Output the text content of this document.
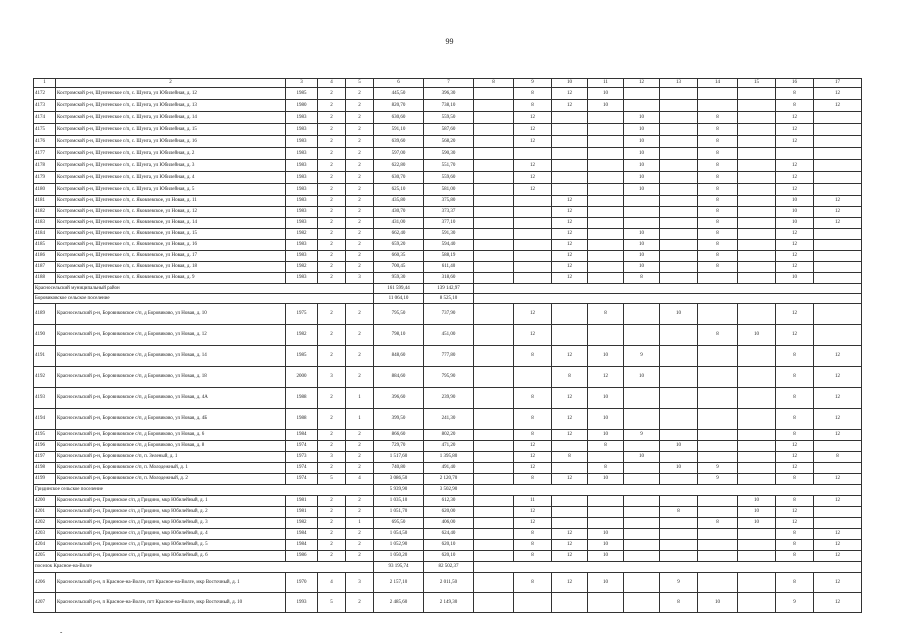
99
1	2	3	4	5	6	7	8	9	10	11	12	13	14	15	16	17
4172	Костромской р-н, Шунгенское с/п, с. Шунга, ул Юбилейная, д. 12	1985	2	2	445,50	396,30		8	12	10					8	12
4173	Костромской р-н, Шунгенское с/п, с. Шунга, ул Юбилейная, д. 13	1980	2	2	820,70	738,10		8	12	10					8	12
4174	Костромской р-н, Шунгенское с/п, с. Шунга, ул Юбилейная, д. 14	1983	2	2	630,60	559,50		12			10		8		12	
4175	Костромской р-н, Шунгенское с/п, с. Шунга, ул Юбилейная, д. 15	1983	2	2	591,10	587,60		12			10		8		12	
4176	Костромской р-н, Шунгенское с/п, с. Шунга, ул Юбилейная, д. 16	1983	2	2	639,60	568,20		12			10		8		12	
4177	Костромской р-н, Шунгенское с/п, с. Шунга, ул Юбилейная, д. 2	1983	2	2	597,00	590,30					10		8			
4178	Костромской р-н, Шунгенское с/п, с. Шунга, ул Юбилейная, д. 3	1983	2	2	622,80	551,70		12			10		8		12	
4179	Костромской р-н, Шунгенское с/п, с. Шунга, ул Юбилейная, д. 4	1983	2	2	630,70	559,60		12			10		8		12	
4180	Костромской р-н, Шунгенское с/п, с. Шунга, ул Юбилейная, д. 5	1983	2	2	625,10	581,00		12			10		8		12	
4181	Костромской р-н, Шунгенское с/п, с. Яковлевское, ул Новая, д. 11	1983	2	2	435,80	375,80			12				8		10	12
4182	Костромской р-н, Шунгенское с/п, с. Яковлевское, ул Новая, д. 12	1983	2	2	430,70	373,37			12				8		10	12
4183	Костромской р-н, Шунгенское с/п, с. Яковлевское, ул Новая, д. 14	1983	2	2	431,00	377,10			12				8		10	12
4184	Костромской р-н, Шунгенское с/п, с. Яковлевское, ул Новая, д. 15	1982	2	2	662,40	591,30			12		10		8		12	
4185	Костромской р-н, Шунгенское с/п, с. Яковлевское, ул Новая, д. 16	1983	2	2	659,20	594,40			12		10		8		12	
4186	Костромской р-н, Шунгенское с/п, с. Яковлевское, ул Новая, д. 17	1983	2	2	660,35	588,19			12		10		8		12	
4187	Костромской р-н, Шунгенское с/п, с. Яковлевское, ул Новая, д. 18	1982	2	2	700,45	611,40			12		10		8		12	
4188	Костромской р-н, Шунгенское с/п, с. Яковлевское, ул Новая, д. 9	1983	2	3	959,30	318,60			12		8				10	
Красносельский муниципальный район					161 599,44	139 142,97										
Боровиковское сельское поселение					11 064,10	8 525,10										
4189	Красносельский р-н, Боровиковское с/п, д Боровиково, ул Новая, д. 10	1975	2	2	795,50	737,90		12		8		10			12	
4190	Красносельский р-н, Боровиковское с/п, д Боровиково, ул Новая, д. 12	1982	2	2	798,10	451,00		12					8	10	12	
4191	Красносельский р-н, Боровиковское с/п, д Боровиково, ул Новая, д. 14	1985	2	2	848,60	777,80		8	12	10	9				8	12
4192	Красносельский р-н, Боровиковское с/п, д Боровиково, ул Новая, д. 18	2000	3	2	884,60	795,90			8	12	10				8	12
4193	Красносельский р-н, Боровиковское с/п, д Боровиково, ул Новая, д. 4А	1988	2	1	396,60	239,90		8	12	10					8	12
4194	Красносельский р-н, Боровиковское с/п, д Боровиково, ул Новая, д. 4Б	1988	2	1	399,50	241,30		8	12	10					8	12
4195	Красносельский р-н, Боровиковское с/п, д Боровиково, ул Новая, д. 6	1984	2	2	866,60	802,20		8	12	10	9				8	12
4196	Красносельский р-н, Боровиковское с/п, д Боровиково, ул Новая, д. 8	1974	2	2	729,70	471,20		12		8		10			12	
4197	Красносельский р-н, Боровиковское с/п, п. Зеленый, д. 1	1973	3	2	1 517,60	1 395,80		12	8		10				12	8
4198	Красносельский р-н, Боровиковское с/п, п. Молодежный, д. 1	1974	2	2	740,80	491,40		12		8		10	9		12	
4199	Красносельский р-н, Боровиковское с/п, п. Молодежный, д. 2	1974	5	4	3 086,50	2 120,70		8	12	10			9		8	12
Гридинское сельское поселение					5 939,90	3 502,90										
4200	Красносельский р-н, Гридинское с/п, д Гридино, мкр Юбилейный, д. 1	1981	2	2	1 035,10	612,30		11						10	8	12
4201	Красносельский р-н, Гридинское с/п, д Гридино, мкр Юбилейный, д. 2	1981	2	2	1 051,70	620,00		12				8		10	12	
4202	Красносельский р-н, Гридинское с/п, д Гридино, мкр Юбилейный, д. 3	1982	2	1	695,50	406,00		12					8	10	12	
4203	Красносельский р-н, Гридинское с/п, д Гридино, мкр Юбилейный, д. 4	1984	2	2	1 054,50	624,40		8	12	10					8	12
4204	Красносельский р-н, Гридинское с/п, д Гридино, мкр Юбилейный, д. 5	1984	2	2	1 052,90	620,10		8	12	10					8	12
4205	Красносельский р-н, Гридинское с/п, д Гридино, мкр Юбилейный, д. 6	1986	2	2	1 050,20	620,10		8	12	10					8	12
поселок Красное-на-Волге					93 195,74	82 502,37										
4206	Красносельский р-н, п Красное-на-Волге, пгт Красное-на-Волге, мкр Восточный, д. 1	1970	4	3	2 157,10	2 011,50		8	12	10		9			8	12
4207	Красносельский р-н, п Красное-на-Волге, пгт Красное-на-Волге, мкр Восточный, д. 10	1993	5	2	2 485,60	2 149,30						8	10		9	12
-
